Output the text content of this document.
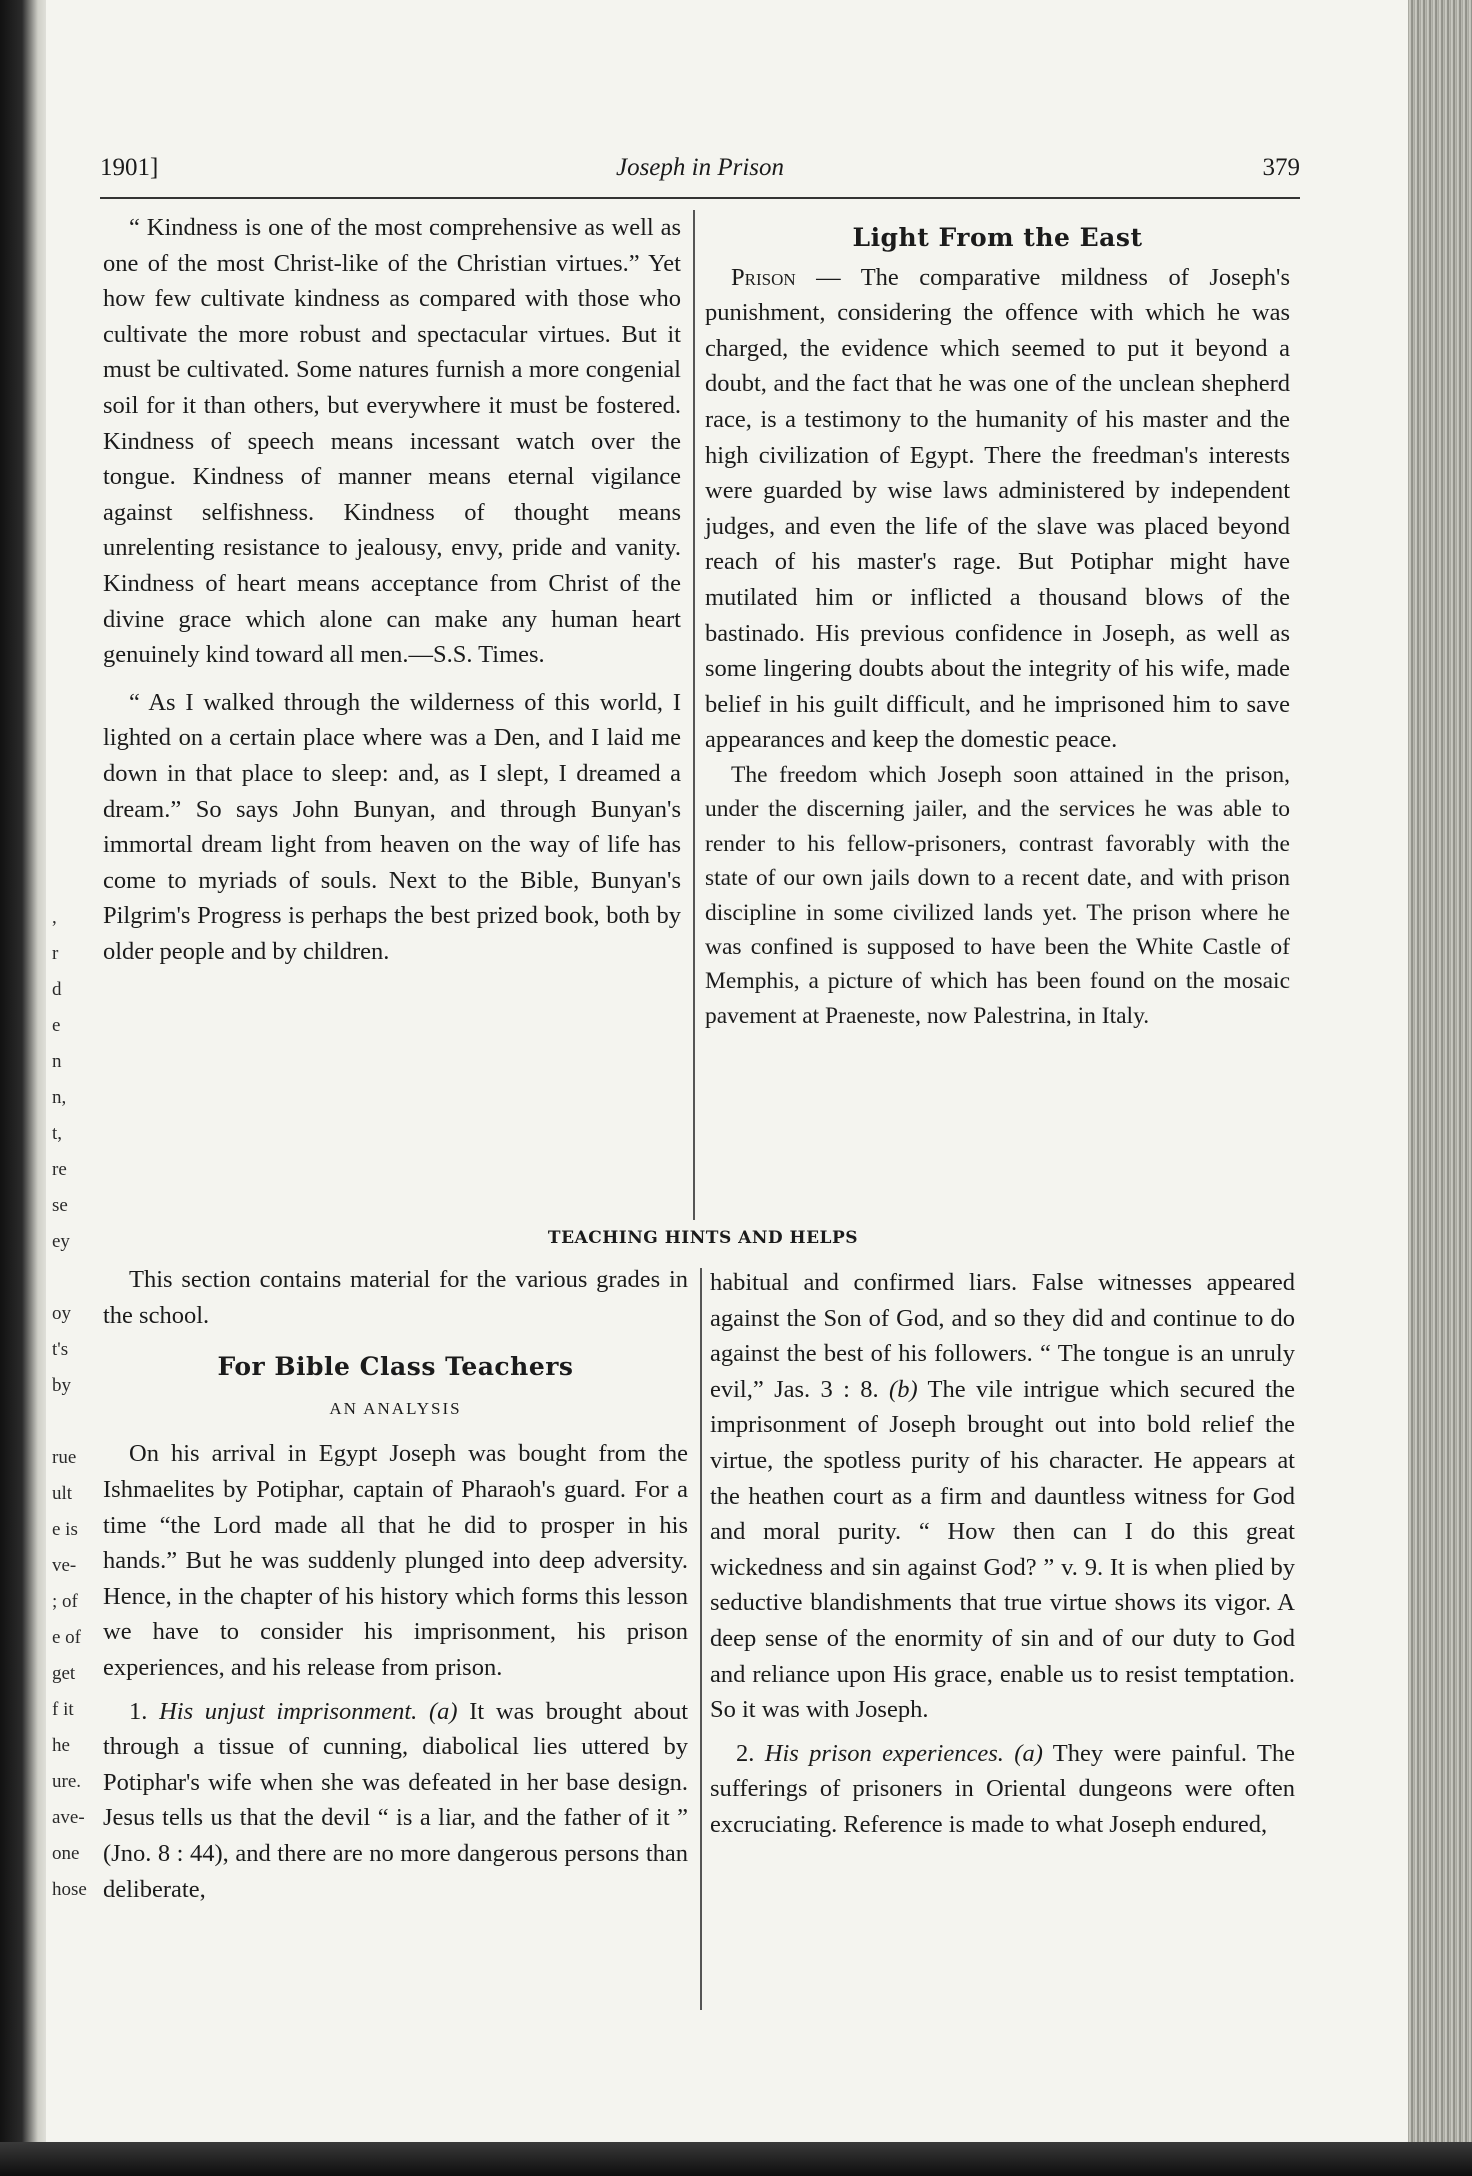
,
r
d
e
n
n,
t,
re
se
ey
oy
t's
by
rue
ult
e is
ve-
; of
e of
get
f it
he
ure.
ave-
one
hose
1901]	Joseph in Prison	379

“ Kindness is one of the most comprehensive as well as one of the most Christ-like of the Christian virtues.” Yet how few cultivate kindness as compared with those who cultivate the more robust and spectacular virtues. But it must be cultivated. Some natures furnish a more congenial soil for it than others, but everywhere it must be fostered. Kindness of speech means incessant watch over the tongue. Kindness of manner means eternal vigilance against selfishness. Kindness of thought means unrelenting resistance to jealousy, envy, pride and vanity. Kindness of heart means acceptance from Christ of the divine grace which alone can make any human heart genuinely kind toward all men.—S.S. Times.

“ As I walked through the wilderness of this world, I lighted on a certain place where was a Den, and I laid me down in that place to sleep: and, as I slept, I dreamed a dream.” So says John Bunyan, and through Bunyan's immortal dream light from heaven on the way of life has come to myriads of souls. Next to the Bible, Bunyan's Pilgrim's Progress is perhaps the best prized book, both by older people and by children.

Light From the East

Prison — The comparative mildness of Joseph's punishment, considering the offence with which he was charged, the evidence which seemed to put it beyond a doubt, and the fact that he was one of the unclean shepherd race, is a testimony to the humanity of his master and the high civilization of Egypt. There the freedman's interests were guarded by wise laws administered by independent judges, and even the life of the slave was placed beyond reach of his master's rage. But Potiphar might have mutilated him or inflicted a thousand blows of the bastinado. His previous confidence in Joseph, as well as some lingering doubts about the integrity of his wife, made belief in his guilt difficult, and he imprisoned him to save appearances and keep the domestic peace.

The freedom which Joseph soon attained in the prison, under the discerning jailer, and the services he was able to render to his fellow-prisoners, contrast favorably with the state of our own jails down to a recent date, and with prison discipline in some civilized lands yet. The prison where he was confined is supposed to have been the White Castle of Memphis, a picture of which has been found on the mosaic pavement at Praeneste, now Palestrina, in Italy.

TEACHING HINTS AND HELPS

This section contains material for the various grades in the school.

For Bible Class Teachers

AN ANALYSIS

On his arrival in Egypt Joseph was bought from the Ishmaelites by Potiphar, captain of Pharaoh's guard. For a time “the Lord made all that he did to prosper in his hands.” But he was suddenly plunged into deep adversity. Hence, in the chapter of his history which forms this lesson we have to consider his imprisonment, his prison experiences, and his release from prison.

1. His unjust imprisonment. (a) It was brought about through a tissue of cunning, diabolical lies uttered by Potiphar's wife when she was defeated in her base design. Jesus tells us that the devil “ is a liar, and the father of it ” (Jno. 8 : 44), and there are no more dangerous persons than deliberate,

habitual and confirmed liars. False witnesses appeared against the Son of God, and so they did and continue to do against the best of his followers. “ The tongue is an unruly evil,” Jas. 3 : 8. (b) The vile intrigue which secured the imprisonment of Joseph brought out into bold relief the virtue, the spotless purity of his character. He appears at the heathen court as a firm and dauntless witness for God and moral purity. “ How then can I do this great wickedness and sin against God? ” v. 9. It is when plied by seductive blandishments that true virtue shows its vigor. A deep sense of the enormity of sin and of our duty to God and reliance upon His grace, enable us to resist temptation. So it was with Joseph.

2. His prison experiences. (a) They were painful. The sufferings of prisoners in Oriental dungeons were often excruciating. Reference is made to what Joseph endured,
